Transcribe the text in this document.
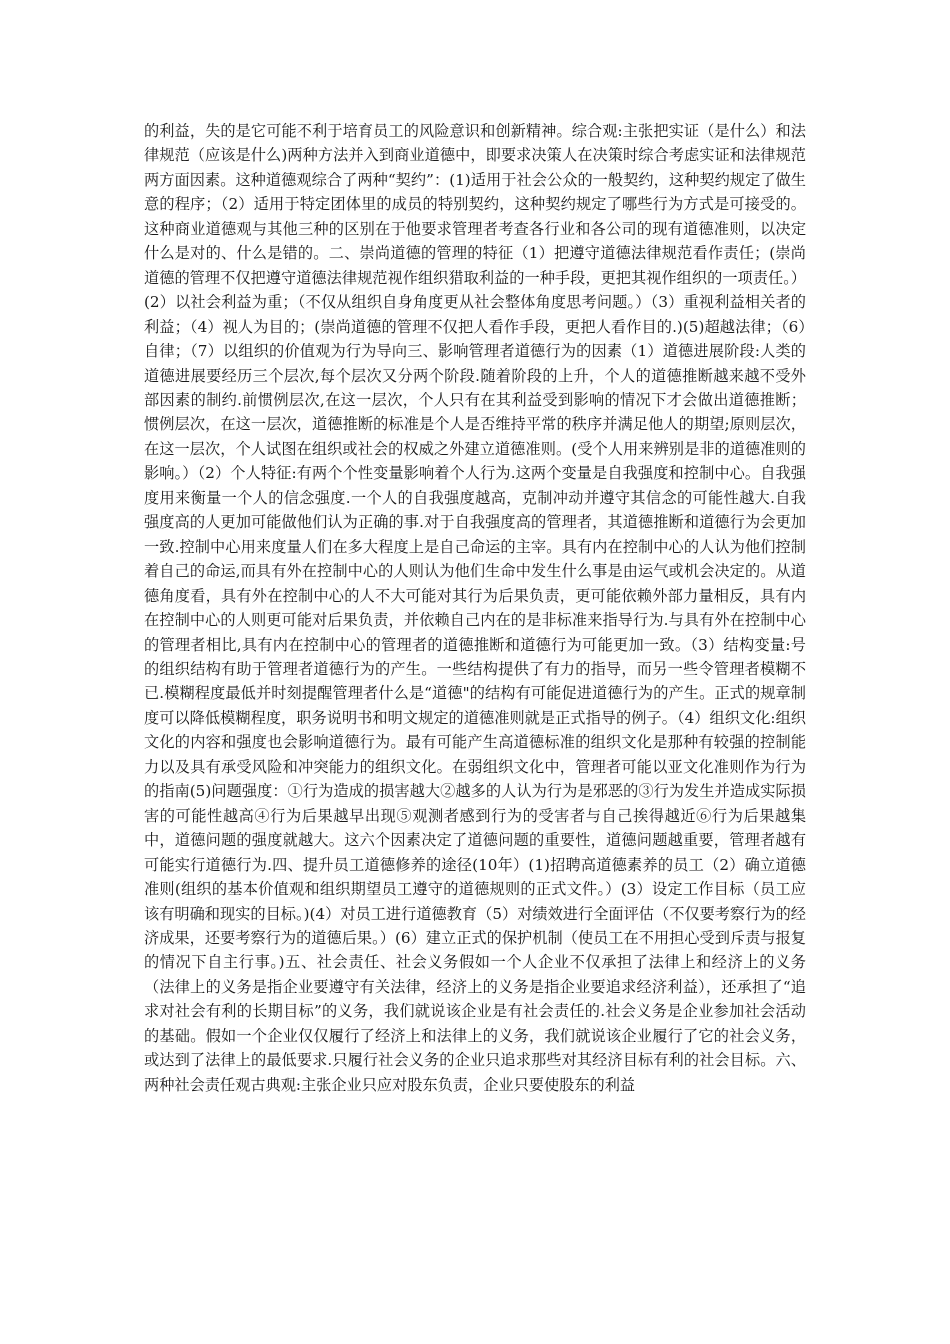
的利益，失的是它可能不利于培育员工的风险意识和创新精神。综合观:主张把实证（是什么）和法律规范（应该是什么)两种方法并入到商业道德中，即要求决策人在决策时综合考虑实证和法律规范两方面因素。这种道德观综合了两种“契约”：(1)适用于社会公众的一般契约，这种契约规定了做生意的程序；（2）适用于特定团体里的成员的特别契约，这种契约规定了哪些行为方式是可接受的。这种商业道德观与其他三种的区别在于他要求管理者考查各行业和各公司的现有道德准则，以决定什么是对的、什么是错的。二、崇尚道德的管理的特征（1）把遵守道德法律规范看作责任；(崇尚道德的管理不仅把遵守道德法律规范视作组织猎取利益的一种手段，更把其视作组织的一项责任。）(2）以社会利益为重；（不仅从组织自身角度更从社会整体角度思考问题。）（3）重视利益相关者的利益；（4）视人为目的；(崇尚道德的管理不仅把人看作手段，更把人看作目的.)(5)超越法律；（6）自律；（7）以组织的价值观为行为导向三、影响管理者道德行为的因素（1）道德进展阶段:人类的道德进展要经历三个层次,每个层次又分两个阶段.随着阶段的上升，个人的道德推断越来越不受外部因素的制约.前惯例层次,在这一层次，个人只有在其利益受到影响的情况下才会做出道德推断；惯例层次，在这一层次，道德推断的标准是个人是否维持平常的秩序并满足他人的期望;原则层次，在这一层次，个人试图在组织或社会的权威之外建立道德准则。(受个人用来辨别是非的道德准则的影响。）（2）个人特征:有两个个性变量影响着个人行为.这两个变量是自我强度和控制中心。自我强度用来衡量一个人的信念强度.一个人的自我强度越高，克制冲动并遵守其信念的可能性越大.自我强度高的人更加可能做他们认为正确的事.对于自我强度高的管理者，其道德推断和道德行为会更加一致.控制中心用来度量人们在多大程度上是自己命运的主宰。具有内在控制中心的人认为他们控制着自己的命运,而具有外在控制中心的人则认为他们生命中发生什么事是由运气或机会决定的。从道德角度看，具有外在控制中心的人不大可能对其行为后果负责，更可能依赖外部力量相反，具有内在控制中心的人则更可能对后果负责，并依赖自己内在的是非标准来指导行为.与具有外在控制中心的管理者相比,具有内在控制中心的管理者的道德推断和道德行为可能更加一致。（3）结构变量:号的组织结构有助于管理者道德行为的产生。一些结构提供了有力的指导，而另一些令管理者模糊不已.模糊程度最低并时刻提醒管理者什么是“道德"的结构有可能促进道德行为的产生。正式的规章制度可以降低模糊程度，职务说明书和明文规定的道德准则就是正式指导的例子。（4）组织文化:组织文化的内容和强度也会影响道德行为。最有可能产生高道德标准的组织文化是那种有较强的控制能力以及具有承受风险和冲突能力的组织文化。在弱组织文化中，管理者可能以亚文化准则作为行为的指南(5)问题强度：①行为造成的损害越大②越多的人认为行为是邪恶的③行为发生并造成实际损害的可能性越高④行为后果越早出现⑤观测者感到行为的受害者与自己挨得越近⑥行为后果越集中，道德问题的强度就越大。这六个因素决定了道德问题的重要性，道德问题越重要，管理者越有可能实行道德行为.四、提升员工道德修养的途径(10年）(1)招聘高道德素养的员工（2）确立道德准则(组织的基本价值观和组织期望员工遵守的道德规则的正式文件。）(3）设定工作目标（员工应该有明确和现实的目标。)(4）对员工进行道德教育（5）对绩效进行全面评估（不仅要考察行为的经济成果，还要考察行为的道德后果。）(6）建立正式的保护机制（使员工在不用担心受到斥责与报复的情况下自主行事。)五、社会责任、社会义务假如一个人企业不仅承担了法律上和经济上的义务（法律上的义务是指企业要遵守有关法律，经济上的义务是指企业要追求经济利益），还承担了“追求对社会有利的长期目标”的义务，我们就说该企业是有社会责任的.社会义务是企业参加社会活动的基础。假如一个企业仅仅履行了经济上和法律上的义务，我们就说该企业履行了它的社会义务，或达到了法律上的最低要求.只履行社会义务的企业只追求那些对其经济目标有利的社会目标。六、两种社会责任观古典观:主张企业只应对股东负责，企业只要使股东的利益
